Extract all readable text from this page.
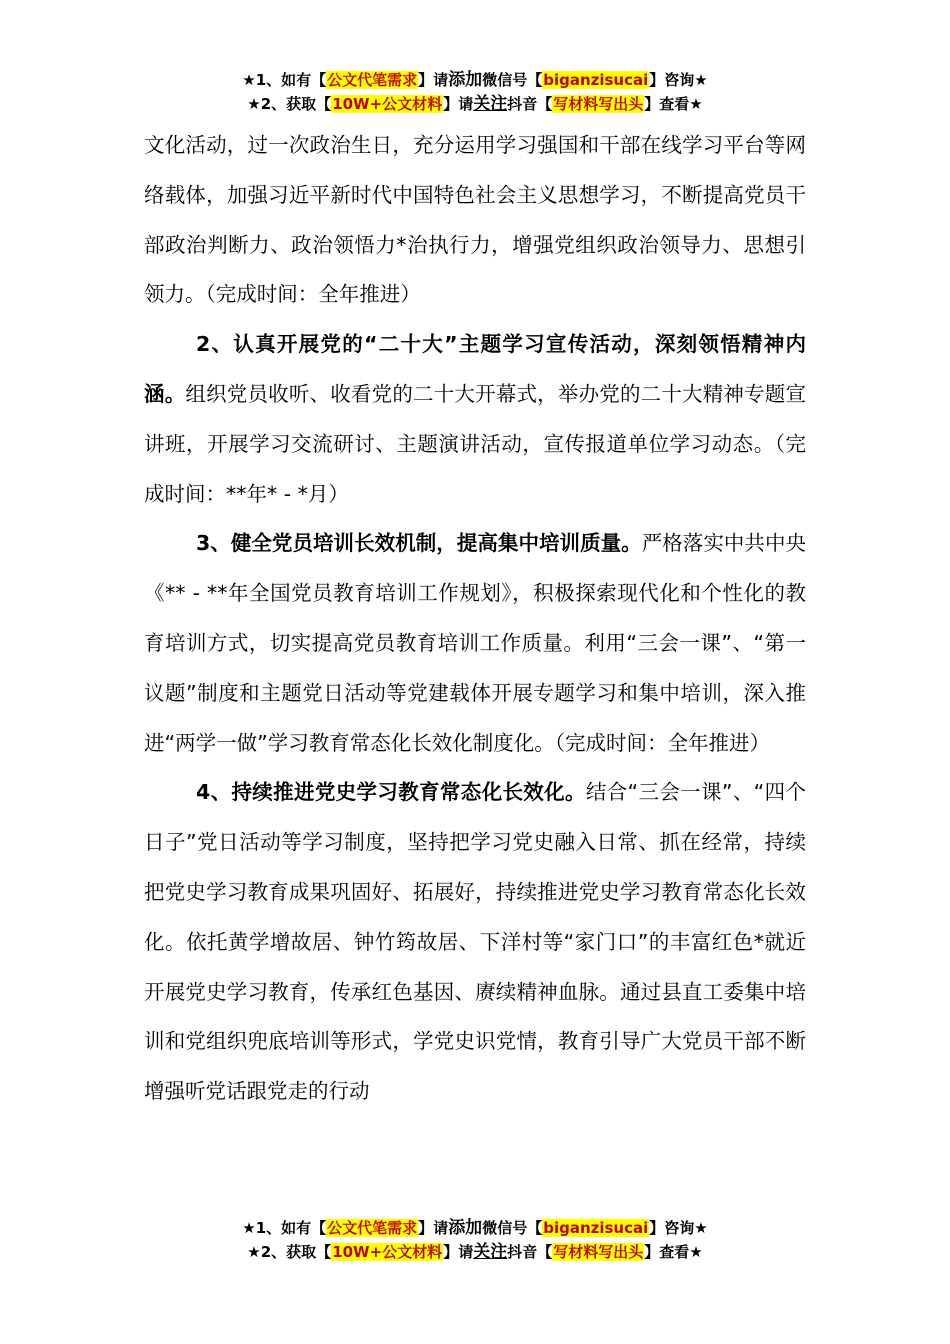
★1、如有【公文代笔需求】请添加微信号【biganzisucai】咨询★
★2、获取【10W+公文材料】请关注抖音【写材料写出头】查看★

文化活动，过一次政治生日，充分运用学习强国和干部在线学习平台等网络载体，加强习近平新时代中国特色社会主义思想学习，不断提高党员干部政治判断力、政治领悟力*治执行力，增强党组织政治领导力、思想引领力。（完成时间：全年推进）

2、认真开展党的“二十大”主题学习宣传活动，深刻领悟精神内涵。组织党员收听、收看党的二十大开幕式，举办党的二十大精神专题宣讲班，开展学习交流研讨、主题演讲活动，宣传报道单位学习动态。（完成时间：**年* - *月）

3、健全党员培训长效机制，提高集中培训质量。严格落实中共中央《** - **年全国党员教育培训工作规划》，积极探索现代化和个性化的教育培训方式，切实提高党员教育培训工作质量。利用“三会一课”、“第一议题”制度和主题党日活动等党建载体开展专题学习和集中培训，深入推进“两学一做”学习教育常态化长效化制度化。（完成时间：全年推进）

4、持续推进党史学习教育常态化长效化。结合“三会一课”、“四个日子”党日活动等学习制度，坚持把学习党史融入日常、抓在经常，持续把党史学习教育成果巩固好、拓展好，持续推进党史学习教育常态化长效化。依托黄学增故居、钟竹筠故居、下洋村等“家门口”的丰富红色*就近开展党史学习教育，传承红色基因、赓续精神血脉。通过县直工委集中培训和党组织兜底培训等形式，学党史识党情，教育引导广大党员干部不断增强听党话跟党走的行动

★1、如有【公文代笔需求】请添加微信号【biganzisucai】咨询★
★2、获取【10W+公文材料】请关注抖音【写材料写出头】查看★
